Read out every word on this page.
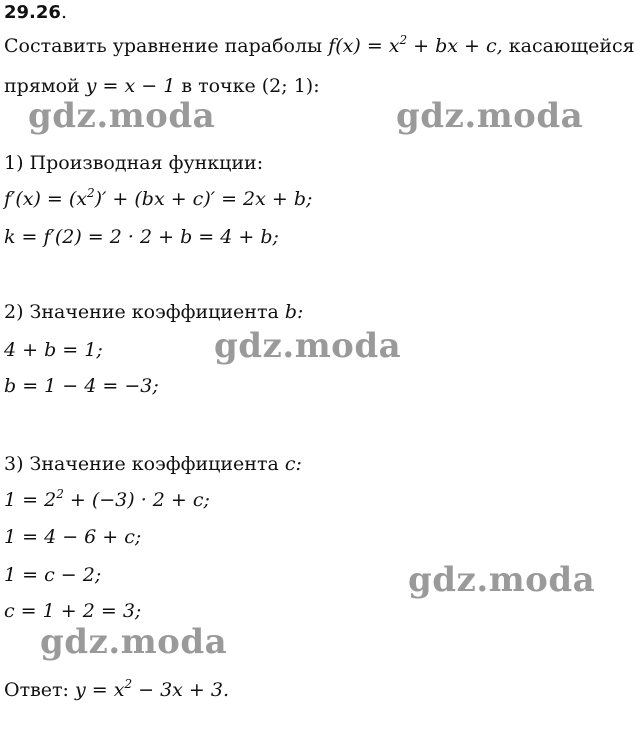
29.26.
Составить уравнение параболы $f(x) = x^2$ + bx + c, касающейся
прямой y = x − 1 в точке (2; 1):
1) Производная функции:
$f'(x) = (x^2)' + (bx + c)' = 2x + b$;
k = f′(2) = 2 · 2 + b = 4 + b;
2) Значение коэффициента b:
4 + b = 1;
b = 1 − 4 = −3;
3) Значение коэффициента c:
$1 = 2^2 + (-3) \cdot 2 + c$;
1 = 4 − 6 + c;
1 = c − 2;
c = 1 + 2 = 3;
Ответ: $y = x^2 - 3x + 3$.
gdz.moda	gdz.moda
gdz.moda
gdz.moda
gdz.moda
